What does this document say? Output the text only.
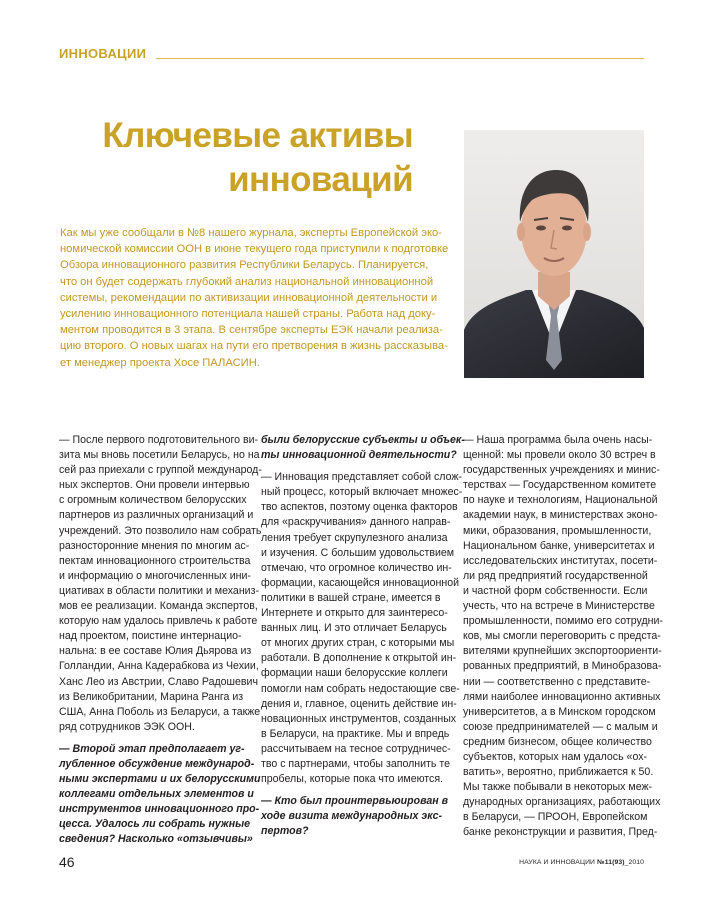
ИННОВАЦИИ
Ключевые активы
инноваций
Как мы уже сообщали в №8 нашего журнала, эксперты Европейской эко-
номической комиссии ООН в июне текущего года приступили к подготовке
Обзора инновационного развития Республики Беларусь. Планируется,
что он будет содержать глубокий анализ национальной инновационной
системы, рекомендации по активизации инновационной деятельности и
усилению инновационного потенциала нашей страны. Работа над доку-
ментом проводится в 3 этапа. В сентябре эксперты ЕЭК начали реализа-
цию второго. О новых шагах на пути его претворения в жизнь рассказыва-
ет менеджер проекта Хосе ПАЛАСИН.
— После первого подготовительного ви-
зита мы вновь посетили Беларусь, но на
сей раз приехали с группой международ-
ных экспертов. Они провели интервью
с огромным количеством белорусских
партнеров из различных организаций и
учреждений. Это позволило нам собрать
разносторонние мнения по многим ас-
пектам инновационного строительства
и информацию о многочисленных ини-
циативах в области политики и механиз-
мов ее реализации. Команда экспертов,
которую нам удалось привлечь к работе
над проектом, поистине интернацио-
нальна: в ее составе Юлия Дьярова из
Голландии, Анна Кадерабкова из Чехии,
Ханс Лео из Австрии, Славо Радошевич
из Великобритании, Марина Ранга из
США, Анна Поболь из Беларуси, а также
ряд сотрудников ЭЭК ООН.
— Второй этап предполагает уг-
лубленное обсуждение международ-
ными экспертами и их белорусскими
коллегами отдельных элементов и
инструментов инновационного про-
цесса. Удалось ли собрать нужные
сведения? Насколько «отзывчивы»
были белорусские субъекты и объек-
ты инновационной деятельности?
— Инновация представляет собой слож-
ный процесс, который включает множес-
тво аспектов, поэтому оценка факторов
для «раскручивания» данного направ-
ления требует скрупулезного анализа
и изучения. С большим удовольствием
отмечаю, что огромное количество ин-
формации, касающейся инновационной
политики в вашей стране, имеется в
Интернете и открыто для заинтересо-
ванных лиц. И это отличает Беларусь
от многих других стран, с которыми мы
работали. В дополнение к открытой ин-
формации наши белорусские коллеги
помогли нам собрать недостающие све-
дения и, главное, оценить действие ин-
новационных инструментов, созданных
в Беларуси, на практике. Мы и впредь
рассчитываем на тесное сотрудничес-
тво с партнерами, чтобы заполнить те
пробелы, которые пока что имеются.
— Кто был проинтервьюирован в
ходе визита международных экс-
пертов?
— Наша программа была очень насы-
щенной: мы провели около 30 встреч в
государственных учреждениях и минис-
терствах — Государственном комитете
по науке и технологиям, Национальной
академии наук, в министерствах эконо-
мики, образования, промышленности,
Национальном банке, университетах и
исследовательских институтах, посети-
ли ряд предприятий государственной
и частной форм собственности. Если
учесть, что на встрече в Министерстве
промышленности, помимо его сотрудни-
ков, мы смогли переговорить с предста-
вителями крупнейших экспортоориенти-
рованных предприятий, в Минобразова-
нии — соответственно с представите-
лями наиболее инновационно активных
университетов, а в Минском городском
союзе предпринимателей — с малым и
средним бизнесом, общее количество
субъектов, которых нам удалось «ох-
ватить», вероятно, приближается к 50.
Мы также побывали в некоторых меж-
дународных организациях, работающих
в Беларуси, — ПРООН, Европейском
банке реконструкции и развития, Пред-
46	НАУКА И ИННОВАЦИИ №11(93)_2010
